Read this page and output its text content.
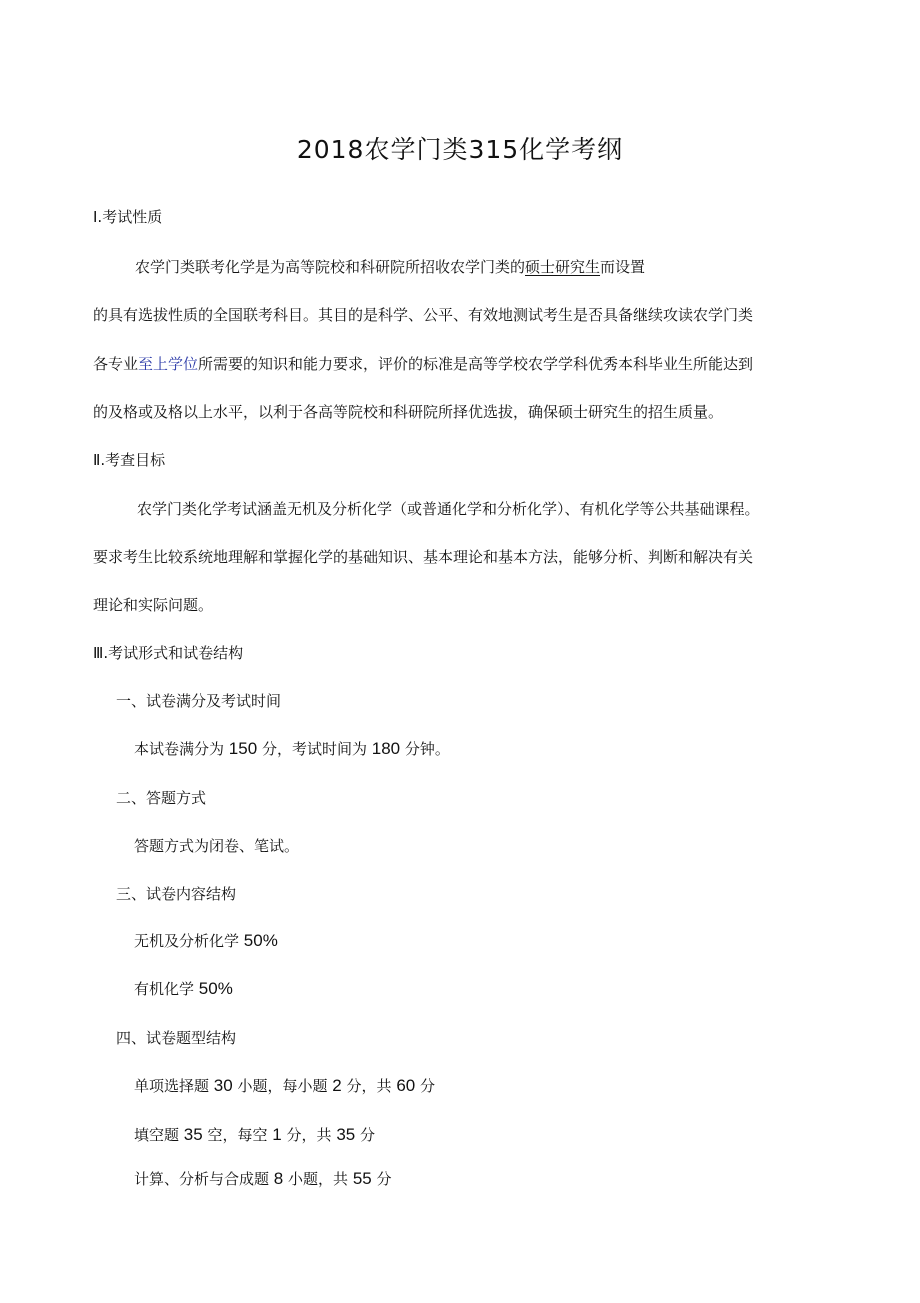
2018农学门类315化学考纲

Ⅰ.考试性质

农学门类联考化学是为高等院校和科研院所招收农学门类的硕士研究生而设置

的具有选拔性质的全国联考科目。其目的是科学、公平、有效地测试考生是否具备继续攻读农学门类

各专业至上学位所需要的知识和能力要求，评价的标准是高等学校农学学科优秀本科毕业生所能达到

的及格或及格以上水平，以利于各高等院校和科研院所择优选拔，确保硕士研究生的招生质量。

Ⅱ.考查目标

农学门类化学考试涵盖无机及分析化学（或普通化学和分析化学）、有机化学等公共基础课程。

要求考生比较系统地理解和掌握化学的基础知识、基本理论和基本方法，能够分析、判断和解决有关

理论和实际问题。

Ⅲ.考试形式和试卷结构

一、试卷满分及考试时间

本试卷满分为 150 分，考试时间为 180 分钟。

二、答题方式

答题方式为闭卷、笔试。

三、试卷内容结构

无机及分析化学 50%

有机化学 50%

四、试卷题型结构

单项选择题 30 小题，每小题 2 分，共 60 分

填空题 35 空，每空 1 分，共 35 分

计算、分析与合成题 8 小题，共 55 分
